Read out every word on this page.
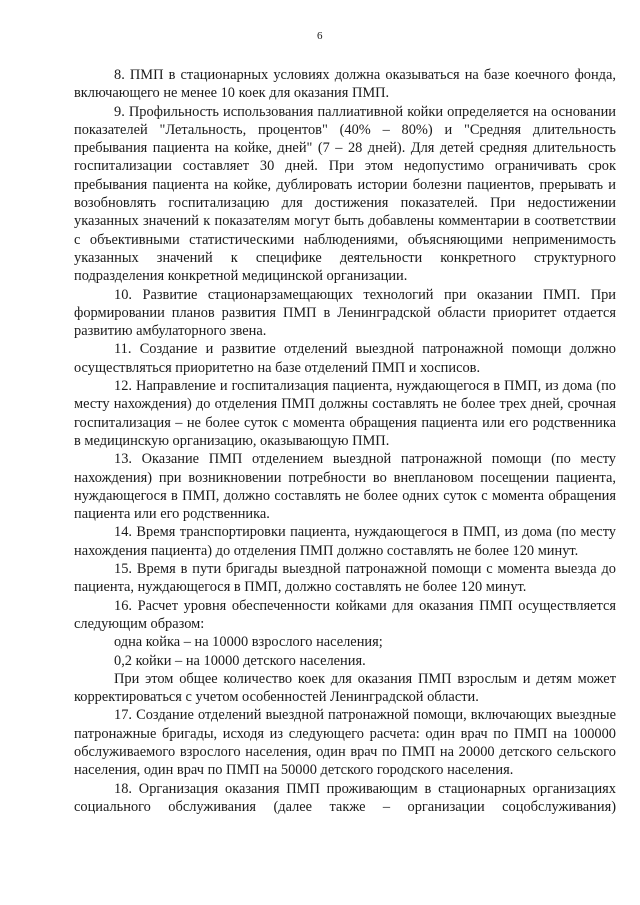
6

8. ПМП в стационарных условиях должна оказываться на базе коечного фонда, включающего не менее 10 коек для оказания ПМП.

9. Профильность использования паллиативной койки определяется на основании показателей "Летальность, процентов" (40% – 80%) и "Средняя длительность пребывания пациента на койке, дней" (7 – 28 дней). Для детей средняя длительность госпитализации составляет 30 дней. При этом недопустимо ограничивать срок пребывания пациента на койке, дублировать истории болезни пациентов, прерывать и возобновлять госпитализацию для достижения показателей. При недостижении указанных значений к показателям могут быть добавлены комментарии в соответствии с объективными статистическими наблюдениями, объясняющими неприменимость указанных значений к специфике деятельности конкретного структурного подразделения конкретной медицинской организации.

10. Развитие стационарзамещающих технологий при оказании ПМП. При формировании планов развития ПМП в Ленинградской области приоритет отдается развитию амбулаторного звена.

11. Создание и развитие отделений выездной патронажной помощи должно осуществляться приоритетно на базе отделений ПМП и хосписов.

12. Направление и госпитализация пациента, нуждающегося в ПМП, из дома (по месту нахождения) до отделения ПМП должны составлять не более трех дней, срочная госпитализация – не более суток с момента обращения пациента или его родственника в медицинскую организацию, оказывающую ПМП.

13. Оказание ПМП отделением выездной патронажной помощи (по месту нахождения) при возникновении потребности во внеплановом посещении пациента, нуждающегося в ПМП, должно составлять не более одних суток с момента обращения пациента или его родственника.

14. Время транспортировки пациента, нуждающегося в ПМП, из дома (по месту нахождения пациента) до отделения ПМП должно составлять не более 120 минут.

15. Время в пути бригады выездной патронажной помощи с момента выезда до пациента, нуждающегося в ПМП, должно составлять не более 120 минут.

16. Расчет уровня обеспеченности койками для оказания ПМП осуществляется следующим образом:

одна койка – на 10000 взрослого населения;

0,2 койки – на 10000 детского населения.

При этом общее количество коек для оказания ПМП взрослым и детям может корректироваться с учетом особенностей Ленинградской области.

17. Создание отделений выездной патронажной помощи, включающих выездные патронажные бригады, исходя из следующего расчета: один врач по ПМП на 100000 обслуживаемого взрослого населения, один врач по ПМП на 20000 детского сельского населения, один врач по ПМП на 50000 детского городского населения.

18. Организация оказания ПМП проживающим в стационарных организациях социального обслуживания (далее также – организации соцобслуживания)
